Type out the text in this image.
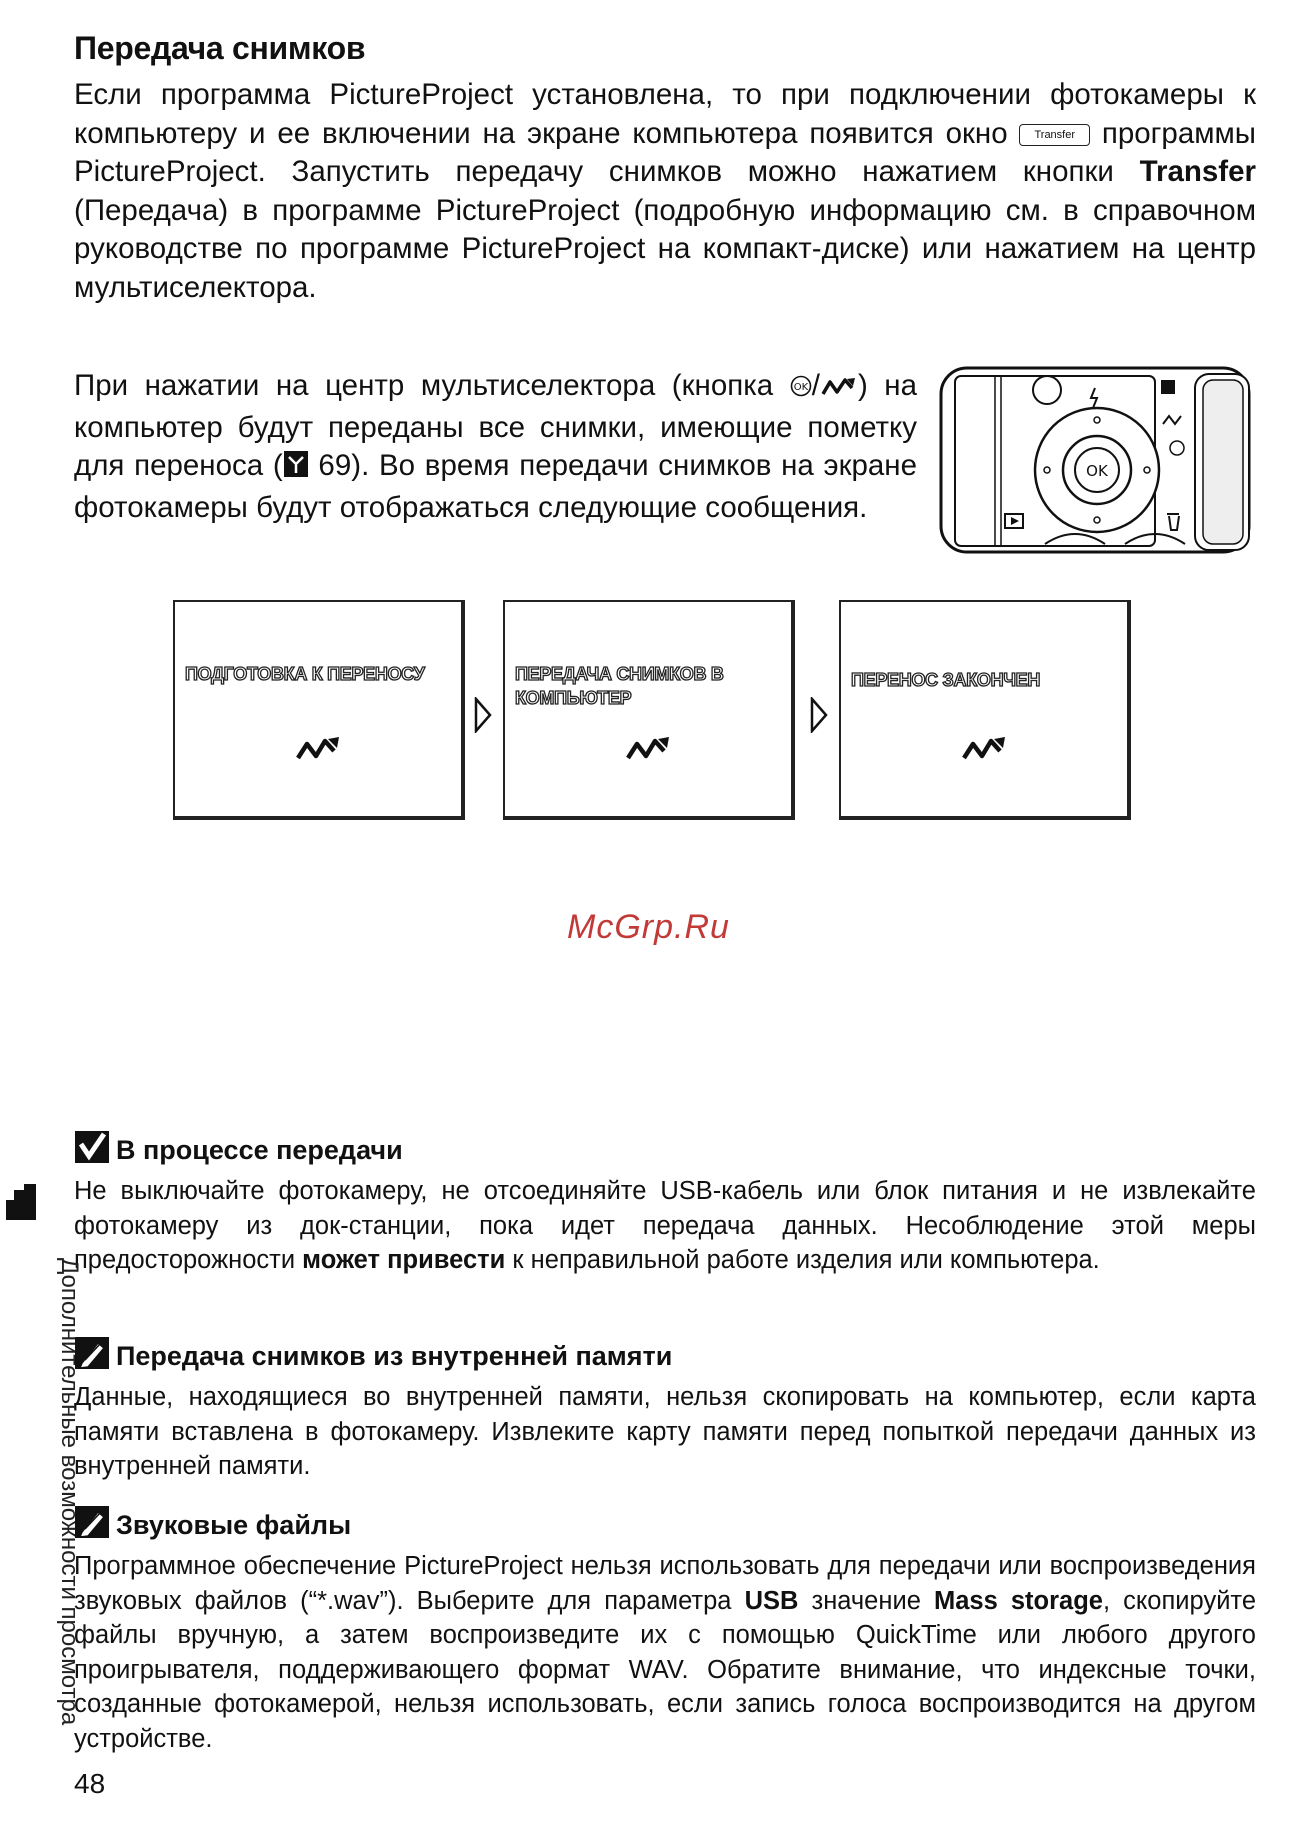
Передача снимков

Если программа PictureProject установлена, то при подключении фотокамеры к компьютеру и ее включении на экране компьютера появится окно Transfer программы PictureProject. Запустить передачу снимков можно нажатием кнопки Transfer (Передача) в программе PictureProject (подробную информацию см. в справочном руководстве по программе PictureProject на компакт-диске) или нажатием на центр мультиселектора.

При нажатии на центр мультиселектора (кнопка OK / ) на компьютер будут переданы все снимки, имеющие пометку для переноса ( 69). Во время передачи снимков на экране фотокамеры будут отображаться следующие сообщения.

OK
ПОДГОТОВКА К ПЕРЕНОСУ	ПЕРЕДАЧА СНИМКОВ В КОМПЬЮТЕР
ПЕРЕНОС ЗАКОНЧЕН

McGrp.Ru

В процессе передачи

Не выключайте фотокамеру, не отсоединяйте USB-кабель или блок питания и не извлекайте фотокамеру из док-станции, пока идет передача данных. Несоблюдение этой меры предосторожности может привести к неправильной работе изделия или компьютера.

Передача снимков из внутренней памяти

Данные, находящиеся во внутренней памяти, нельзя скопировать на компьютер, если карта памяти вставлена в фотокамеру. Извлеките карту памяти перед попыткой передачи данных из внутренней памяти.

Звуковые файлы

Программное обеспечение PictureProject нельзя использовать для передачи или воспроизведения звуковых файлов (“*.wav”). Выберите для параметра USB значение Mass storage, скопируйте файлы вручную, а затем воспроизведите их с помощью QuickTime или любого другого проигрывателя, поддерживающего формат WAV. Обратите внимание, что индексные точки, созданные фотокамерой, нельзя использовать, если запись голоса воспроизводится на другом устройстве.

Дополнительные возможности просмотра

48
